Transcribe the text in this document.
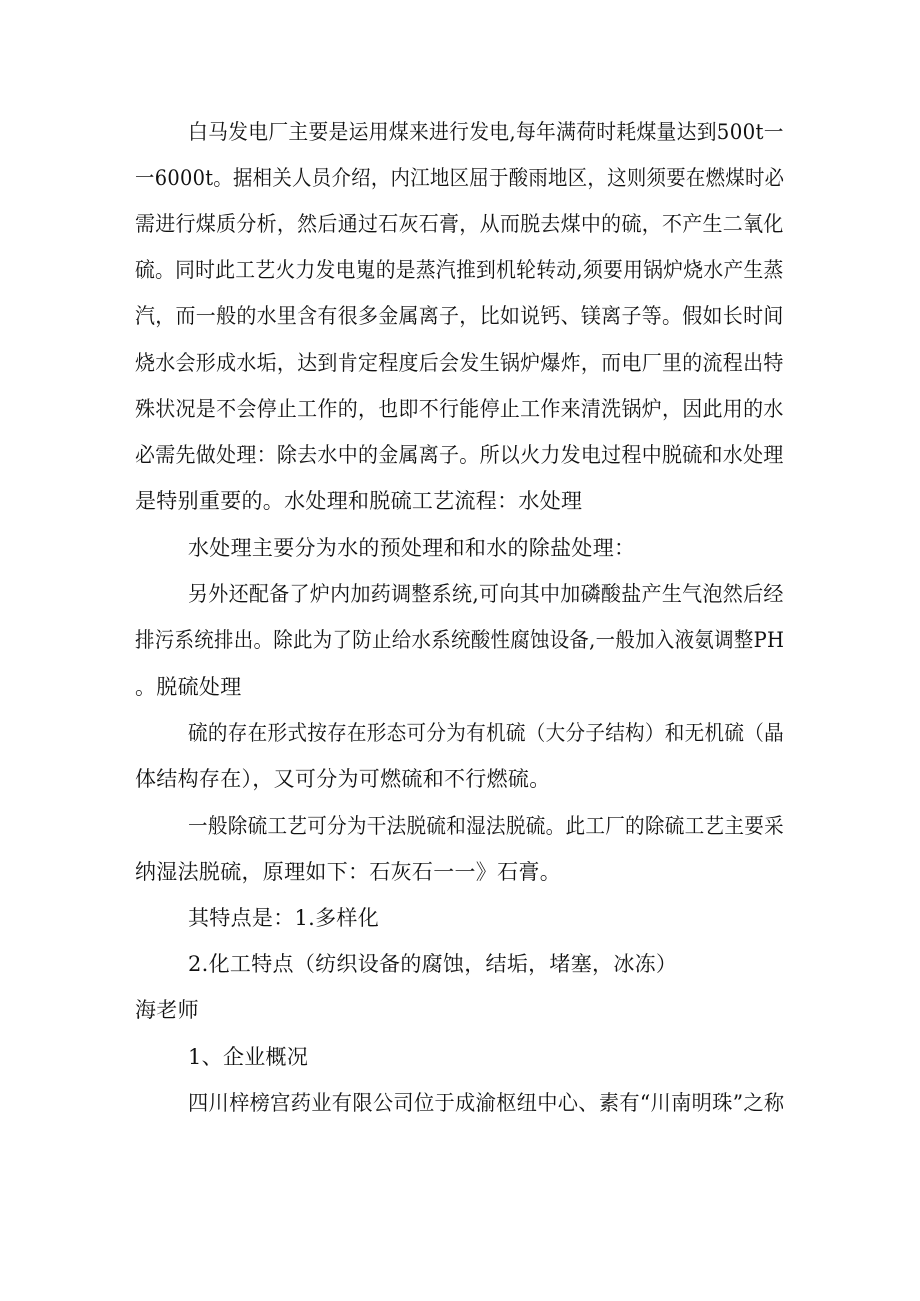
白马发电厂主要是运用煤来进行发电,每年满荷时耗煤量达到500t一

一6000t。据相关人员介绍，内江地区屈于酸雨地区，这则须要在燃煤时必

需进行煤质分析，然后通过石灰石膏，从而脱去煤中的硫，不产生二氧化

硫。同时此工艺火力发电嵬的是蒸汽推到机轮转动,须要用锅炉烧水产生蒸

汽，而一般的水里含有很多金属离子，比如说钙、镁离子等。假如长时间

烧水会形成水垢，达到肯定程度后会发生锅炉爆炸，而电厂里的流程出特

殊状况是不会停止工作的，也即不行能停止工作来清洗锅炉，因此用的水

必需先做处理：除去水中的金属离子。所以火力发电过程中脱硫和水处理

是特别重要的。水处理和脱硫工艺流程：水处理

水处理主要分为水的预处理和和水的除盐处理：

另外还配备了炉内加药调整系统,可向其中加磷酸盐产生气泡然后经

排污系统排出。除此为了防止给水系统酸性腐蚀设备,一般加入液氨调整PH

。脱硫处理

硫的存在形式按存在形态可分为有机硫（大分子结构）和无机硫（晶

体结构存在），又可分为可燃硫和不行燃硫。

一般除硫工艺可分为干法脱硫和湿法脱硫。此工厂的除硫工艺主要采

纳湿法脱硫，原理如下：石灰石一一》石膏。

其特点是：1.多样化

2.化工特点（纺织设备的腐蚀，结垢，堵塞，冰冻）

海老师

1、企业概况

四川梓榜宫药业有限公司位于成渝枢纽中心、素有“川南明珠”之称
